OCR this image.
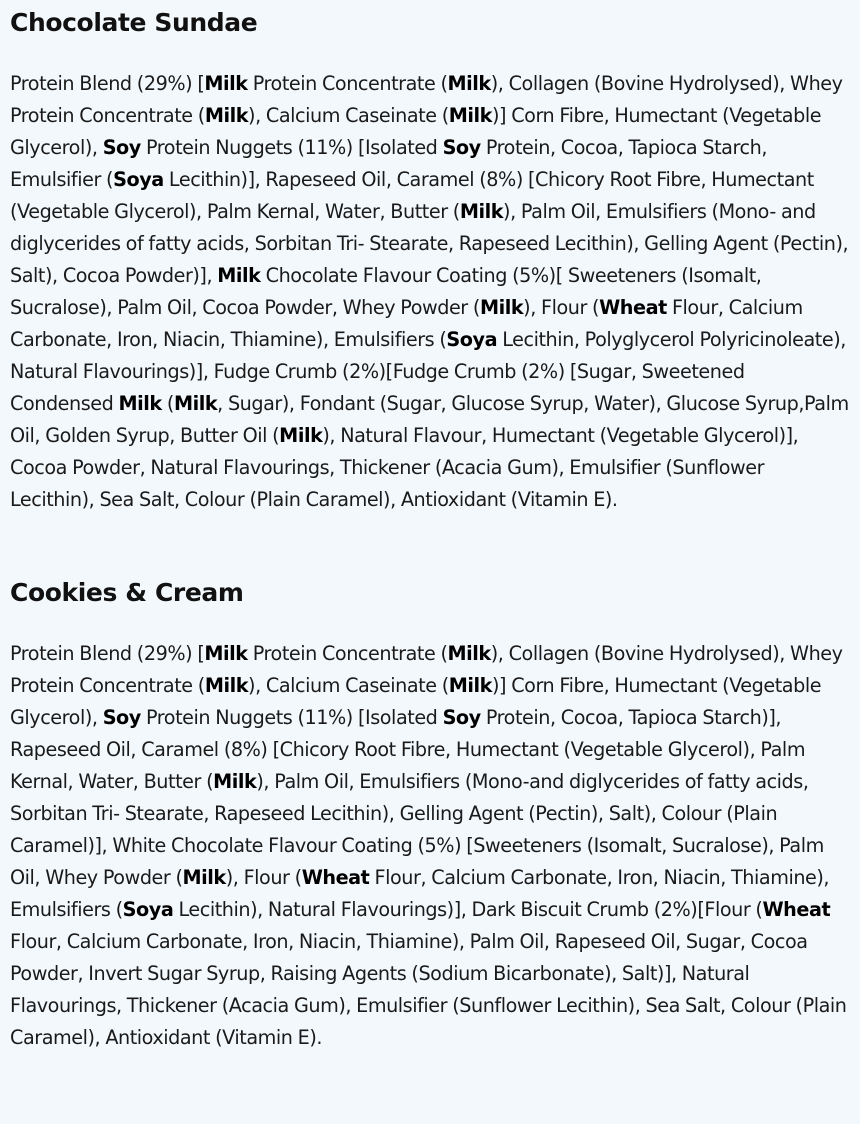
Chocolate Sundae

Protein Blend (29%) [Milk Protein Concentrate (Milk), Collagen (Bovine Hydrolysed), Whey Protein Concentrate (Milk), Calcium Caseinate (Milk)] Corn Fibre, Humectant (Vegetable Glycerol), Soy Protein Nuggets (11%) [Isolated Soy Protein, Cocoa, Tapioca Starch, Emulsifier (Soya Lecithin)], Rapeseed Oil, Caramel (8%) [Chicory Root Fibre, Humectant (Vegetable Glycerol), Palm Kernal, Water, Butter (Milk), Palm Oil, Emulsifiers (Mono- and diglycerides of fatty acids, Sorbitan Tri- Stearate, Rapeseed Lecithin), Gelling Agent (Pectin), Salt), Cocoa Powder)], Milk Chocolate Flavour Coating (5%)[ Sweeteners (Isomalt, Sucralose), Palm Oil, Cocoa Powder, Whey Powder (Milk), Flour (Wheat Flour, Calcium Carbonate, Iron, Niacin, Thiamine), Emulsifiers (Soya Lecithin, Polyglycerol Polyricinoleate), Natural Flavourings)], Fudge Crumb (2%)[Fudge Crumb (2%) [Sugar, Sweetened Condensed Milk (Milk, Sugar), Fondant (Sugar, Glucose Syrup, Water), Glucose Syrup,Palm Oil, Golden Syrup, Butter Oil (Milk), Natural Flavour, Humectant (Vegetable Glycerol)], Cocoa Powder, Natural Flavourings, Thickener (Acacia Gum), Emulsifier (Sunflower Lecithin), Sea Salt, Colour (Plain Caramel), Antioxidant (Vitamin E).

Cookies & Cream

Protein Blend (29%) [Milk Protein Concentrate (Milk), Collagen (Bovine Hydrolysed), Whey Protein Concentrate (Milk), Calcium Caseinate (Milk)] Corn Fibre, Humectant (Vegetable Glycerol), Soy Protein Nuggets (11%) [Isolated Soy Protein, Cocoa, Tapioca Starch)], Rapeseed Oil, Caramel (8%) [Chicory Root Fibre, Humectant (Vegetable Glycerol), Palm Kernal, Water, Butter (Milk), Palm Oil, Emulsifiers (Mono-and diglycerides of fatty acids, Sorbitan Tri- Stearate, Rapeseed Lecithin), Gelling Agent (Pectin), Salt), Colour (Plain Caramel)], White Chocolate Flavour Coating (5%) [Sweeteners (Isomalt, Sucralose), Palm Oil, Whey Powder (Milk), Flour (Wheat Flour, Calcium Carbonate, Iron, Niacin, Thiamine), Emulsifiers (Soya Lecithin), Natural Flavourings)], Dark Biscuit Crumb (2%)[Flour (Wheat Flour, Calcium Carbonate, Iron, Niacin, Thiamine), Palm Oil, Rapeseed Oil, Sugar, Cocoa Powder, Invert Sugar Syrup, Raising Agents (Sodium Bicarbonate), Salt)], Natural Flavourings, Thickener (Acacia Gum), Emulsifier (Sunflower Lecithin), Sea Salt, Colour (Plain Caramel), Antioxidant (Vitamin E).
